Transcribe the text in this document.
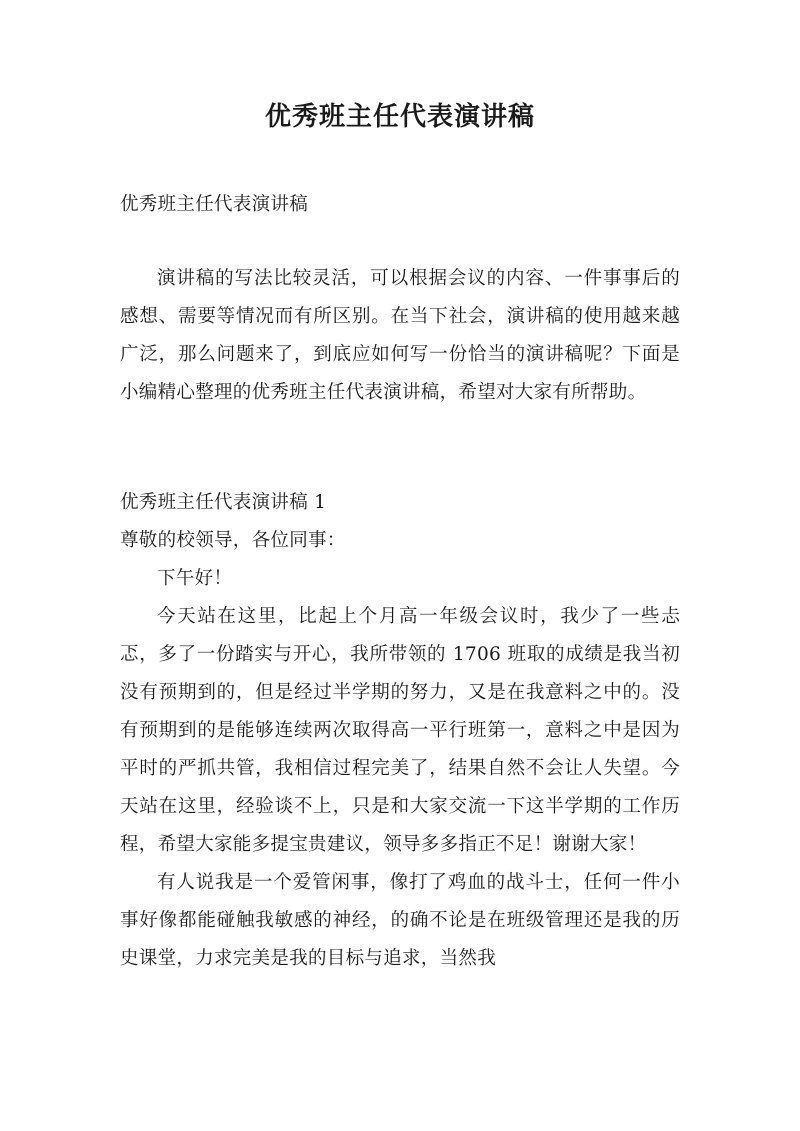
优秀班主任代表演讲稿

优秀班主任代表演讲稿

演讲稿的写法比较灵活，可以根据会议的内容、一件事事后的感想、需要等情况而有所区别。在当下社会，演讲稿的使用越来越广泛，那么问题来了，到底应如何写一份恰当的演讲稿呢？下面是小编精心整理的优秀班主任代表演讲稿，希望对大家有所帮助。

优秀班主任代表演讲稿 1

尊敬的校领导，各位同事：

下午好！

今天站在这里，比起上个月高一年级会议时，我少了一些忐忑，多了一份踏实与开心，我所带领的 1706 班取的成绩是我当初没有预期到的，但是经过半学期的努力，又是在我意料之中的。没有预期到的是能够连续两次取得高一平行班第一，意料之中是因为平时的严抓共管，我相信过程完美了，结果自然不会让人失望。今天站在这里，经验谈不上，只是和大家交流一下这半学期的工作历程，希望大家能多提宝贵建议，领导多多指正不足！谢谢大家！

有人说我是一个爱管闲事，像打了鸡血的战斗士，任何一件小事好像都能碰触我敏感的神经，的确不论是在班级管理还是我的历史课堂，力求完美是我的目标与追求，当然我
